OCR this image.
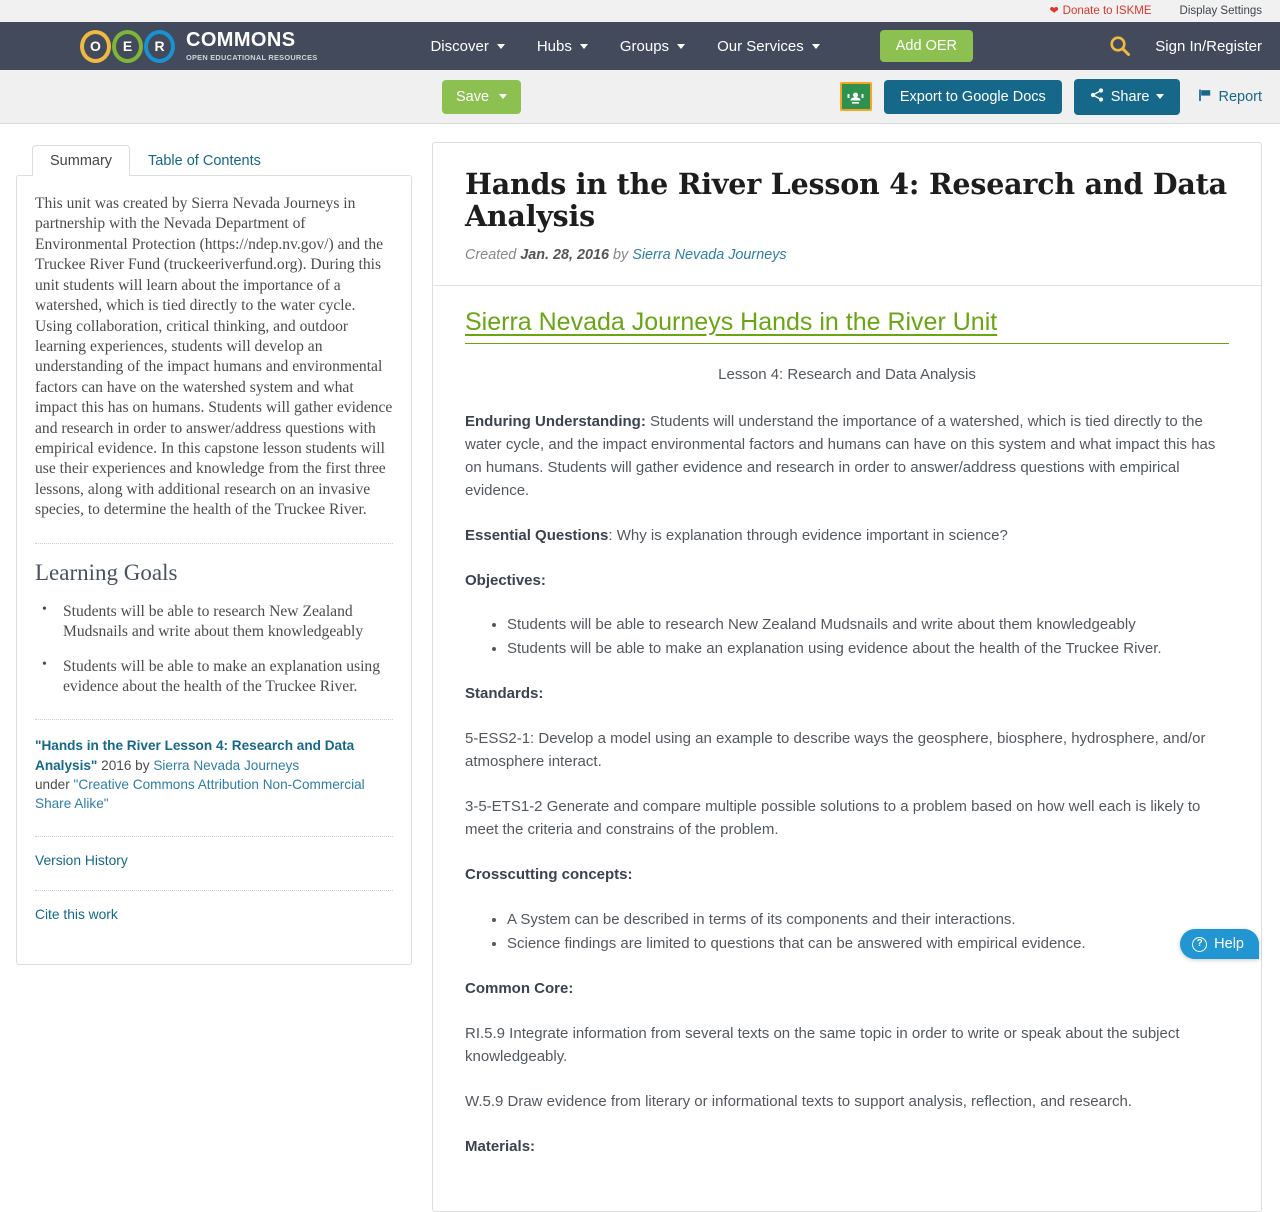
❤ Donate to ISKME Display Settings
O	E	R	COMMONS
OPEN EDUCATIONAL RESOURCES
Discover	Hubs	Groups	Our Services	Add OER	Sign In/Register
Save	Export to Google Docs	Share	Report
Summary	Table of Contents

This unit was created by Sierra Nevada Journeys in partnership with the Nevada Department of Environmental Protection (https://ndep.nv.gov/) and the Truckee River Fund (truckeeriverfund.org). During this unit students will learn about the importance of a watershed, which is tied directly to the water cycle. Using collaboration, critical thinking, and outdoor learning experiences, students will develop an understanding of the impact humans and environmental factors can have on the watershed system and what impact this has on humans. Students will gather evidence and research in order to answer/address questions with empirical evidence. In this capstone lesson students will use their experiences and knowledge from the first three lessons, along with additional research on an invasive species, to determine the health of the Truckee River.

Learning Goals
• Students will be able to research New Zealand Mudsnails and write about them knowledgeably
• Students will be able to make an explanation using evidence about the health of the Truckee River.
"Hands in the River Lesson 4: Research and Data Analysis" 2016 by Sierra Nevada Journeys
under "Creative Commons Attribution Non-Commercial Share Alike"
Version History
Cite this work
Hands in the River Lesson 4: Research and Data Analysis
Created Jan. 28, 2016 by Sierra Nevada Journeys
Sierra Nevada Journeys Hands in the River Unit

Lesson 4: Research and Data Analysis

Enduring Understanding: Students will understand the importance of a watershed, which is tied directly to the water cycle, and the impact environmental factors and humans can have on this system and what impact this has on humans. Students will gather evidence and research in order to answer/address questions with empirical evidence.

Essential Questions: Why is explanation through evidence important in science?

Objectives:

• Students will be able to research New Zealand Mudsnails and write about them knowledgeably
• Students will be able to make an explanation using evidence about the health of the Truckee River.

Standards:

5-ESS2-1: Develop a model using an example to describe ways the geosphere, biosphere, hydrosphere, and/or atmosphere interact.

3-5-ETS1-2 Generate and compare multiple possible solutions to a problem based on how well each is likely to meet the criteria and constrains of the problem.

Crosscutting concepts:

• A System can be described in terms of its components and their interactions.
• Science findings are limited to questions that can be answered with empirical evidence.

Common Core:

RI.5.9 Integrate information from several texts on the same topic in order to write or speak about the subject knowledgeably.

W.5.9 Draw evidence from literary or informational texts to support analysis, reflection, and research.

Materials:

? Help
